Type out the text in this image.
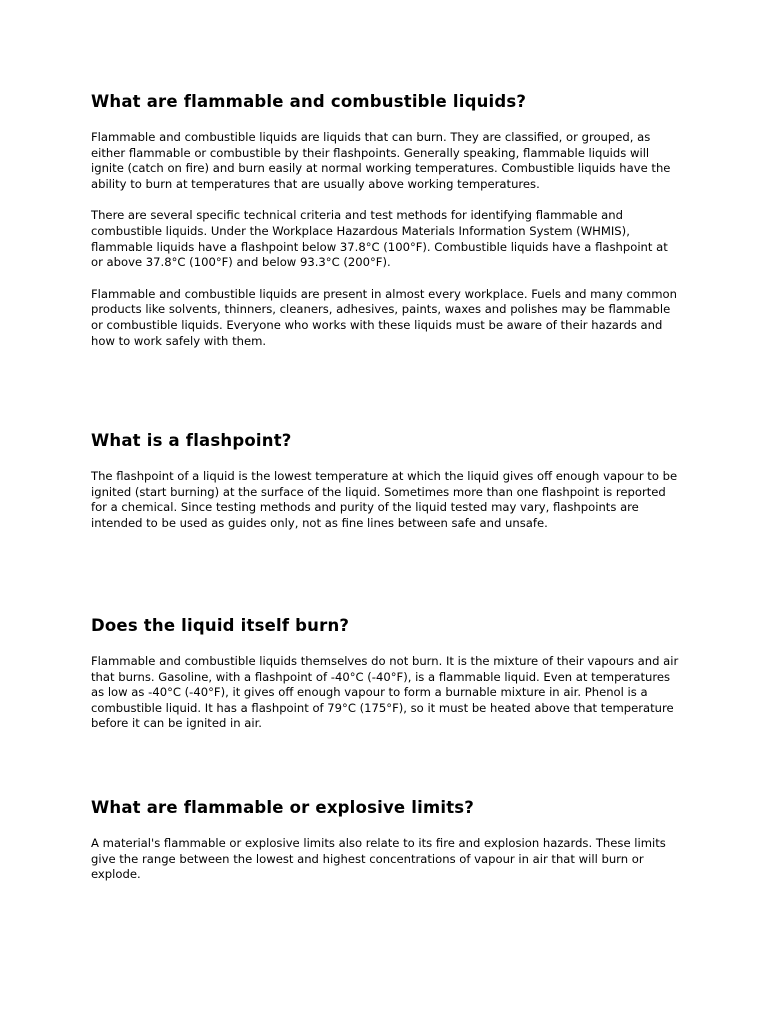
What are flammable and combustible liquids?

Flammable and combustible liquids are liquids that can burn. They are classified, or grouped, as either flammable or combustible by their flashpoints. Generally speaking, flammable liquids will ignite (catch on fire) and burn easily at normal working temperatures. Combustible liquids have the ability to burn at temperatures that are usually above working temperatures.

There are several specific technical criteria and test methods for identifying flammable and combustible liquids. Under the Workplace Hazardous Materials Information System (WHMIS), flammable liquids have a flashpoint below 37.8°C (100°F). Combustible liquids have a flashpoint at or above 37.8°C (100°F) and below 93.3°C (200°F).

Flammable and combustible liquids are present in almost every workplace. Fuels and many common products like solvents, thinners, cleaners, adhesives, paints, waxes and polishes may be flammable or combustible liquids. Everyone who works with these liquids must be aware of their hazards and how to work safely with them.

What is a flashpoint?

The flashpoint of a liquid is the lowest temperature at which the liquid gives off enough vapour to be ignited (start burning) at the surface of the liquid. Sometimes more than one flashpoint is reported for a chemical. Since testing methods and purity of the liquid tested may vary, flashpoints are intended to be used as guides only, not as fine lines between safe and unsafe.

Does the liquid itself burn?

Flammable and combustible liquids themselves do not burn. It is the mixture of their vapours and air that burns. Gasoline, with a flashpoint of -40°C (-40°F), is a flammable liquid. Even at temperatures as low as -40°C (-40°F), it gives off enough vapour to form a burnable mixture in air. Phenol is a combustible liquid. It has a flashpoint of 79°C (175°F), so it must be heated above that temperature before it can be ignited in air.

What are flammable or explosive limits?

A material's flammable or explosive limits also relate to its fire and explosion hazards. These limits give the range between the lowest and highest concentrations of vapour in air that will burn or explode.
